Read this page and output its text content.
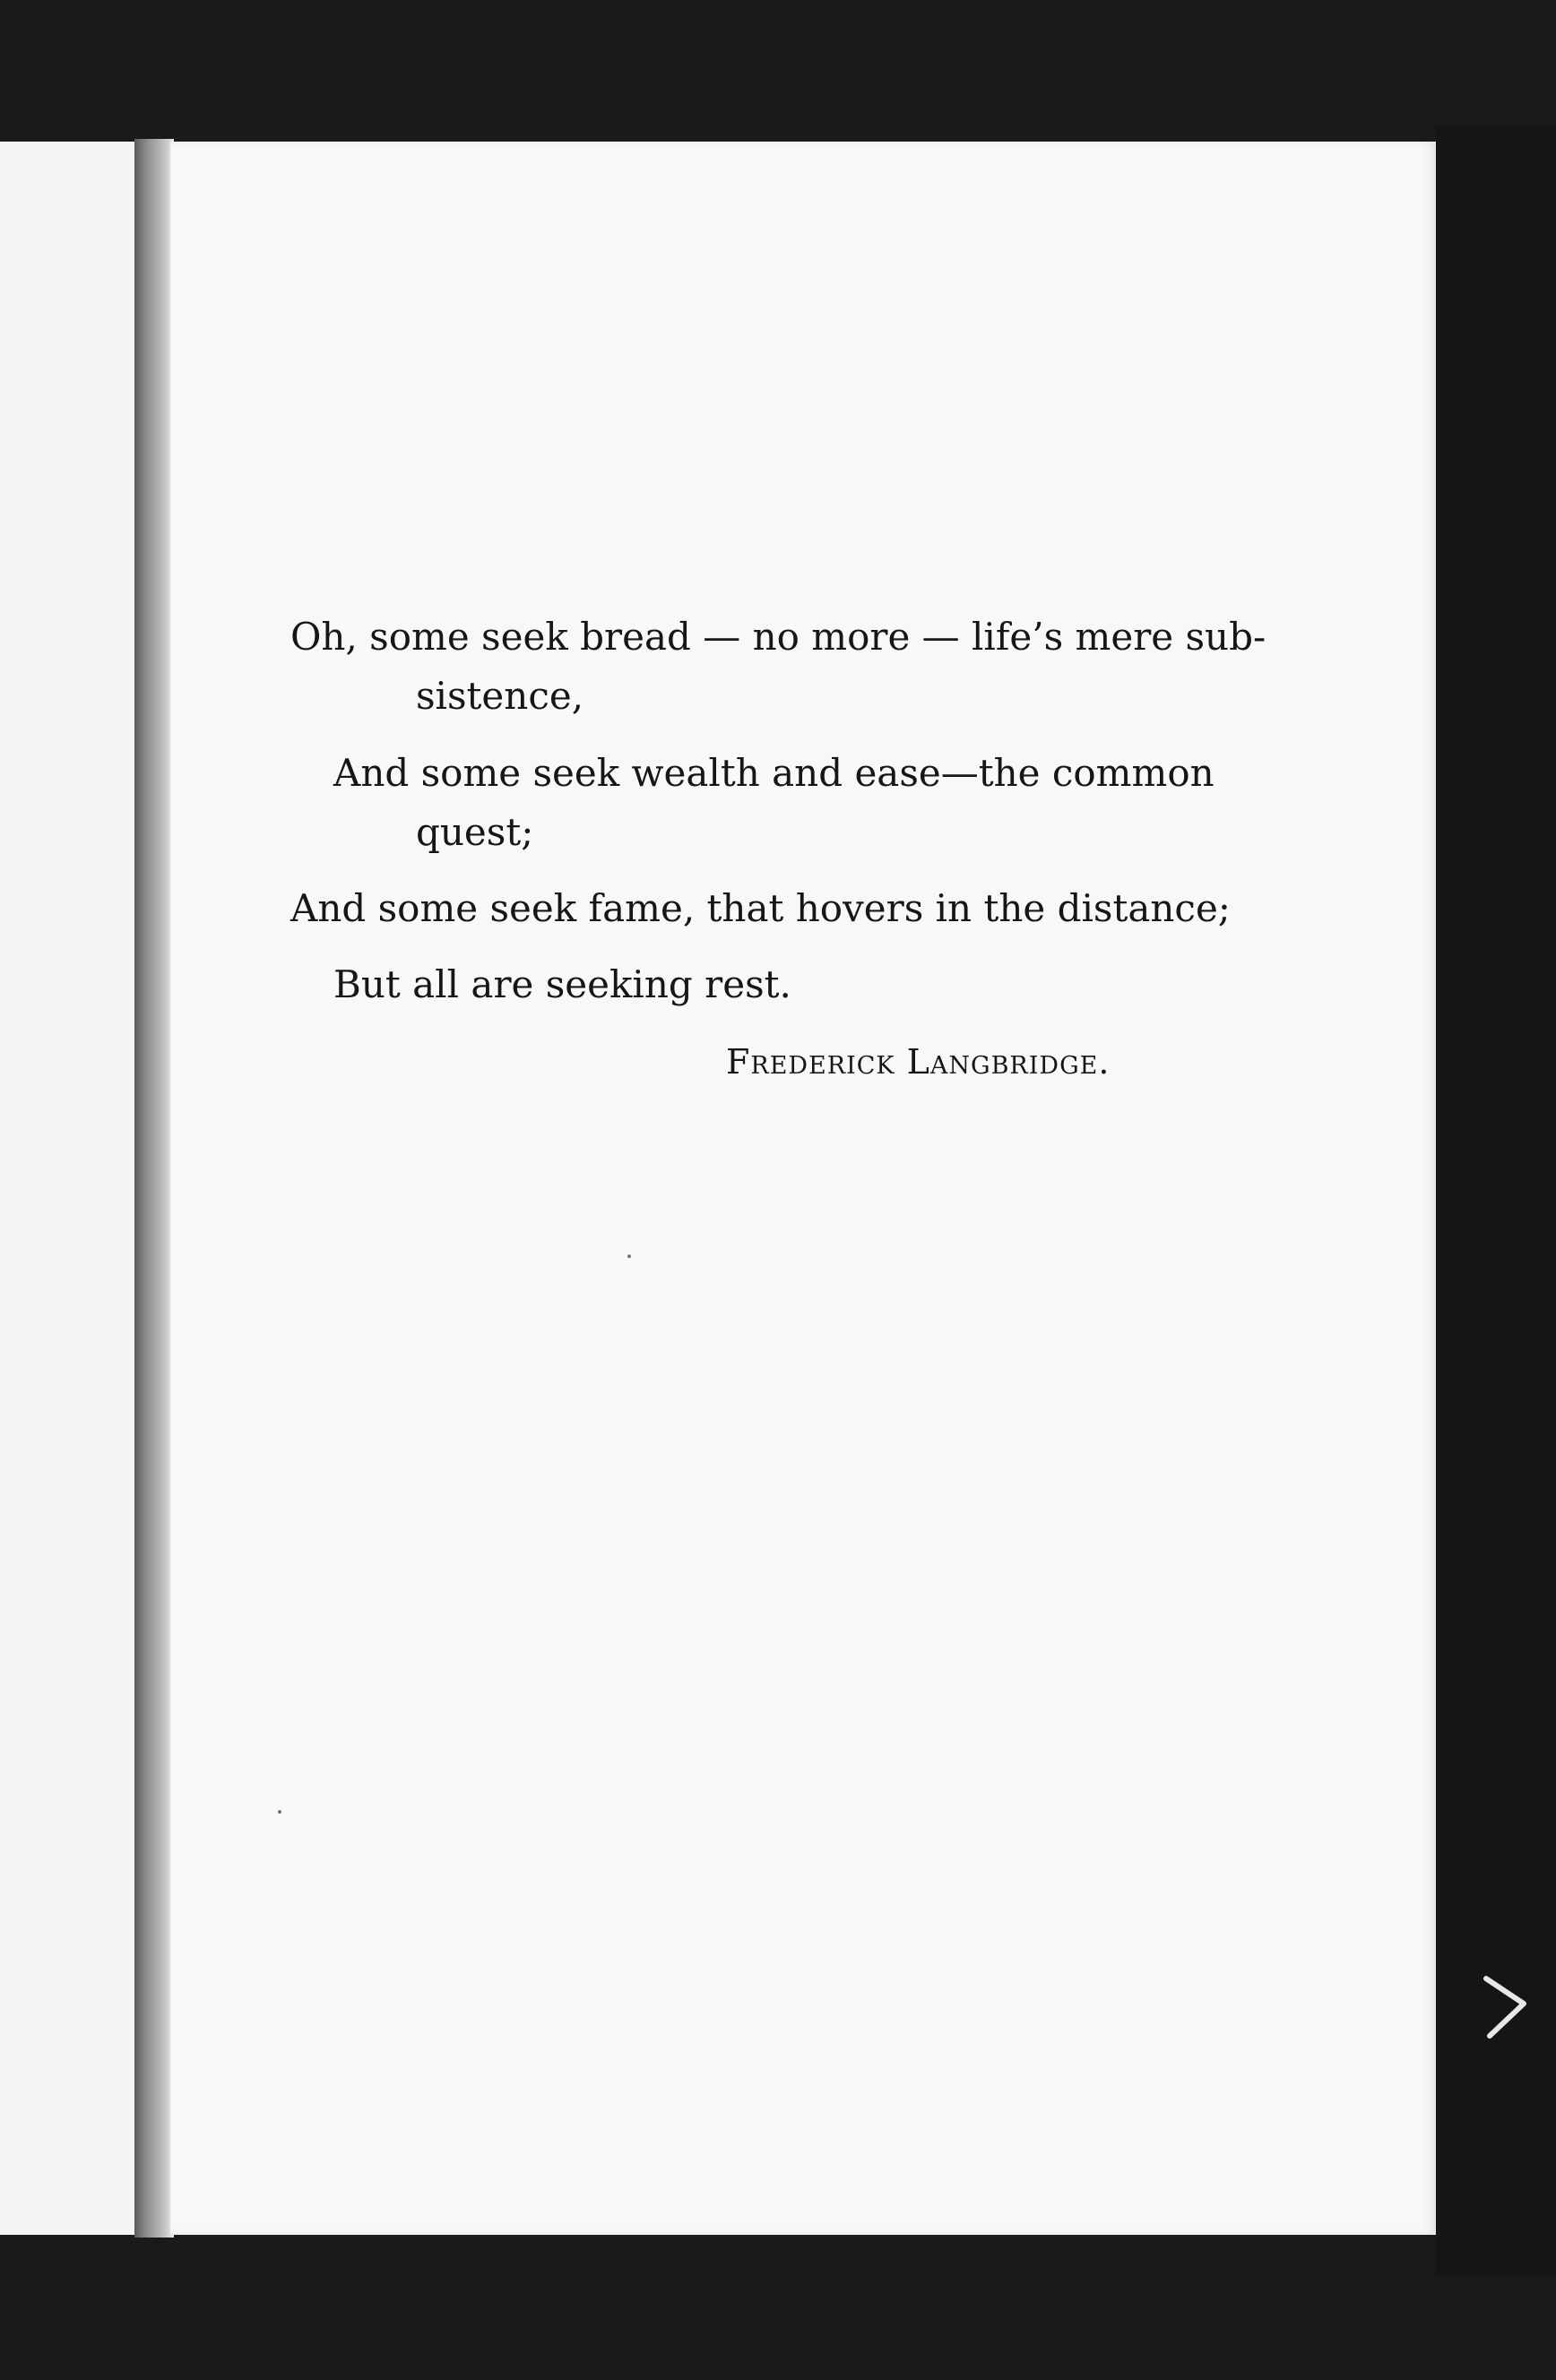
Oh, some seek bread — no more — life’s mere sub-
sistence,
And some seek wealth and ease—the common
quest;
And some seek fame, that hovers in the distance;
But all are seeking rest.
Frederick Langbridge.
